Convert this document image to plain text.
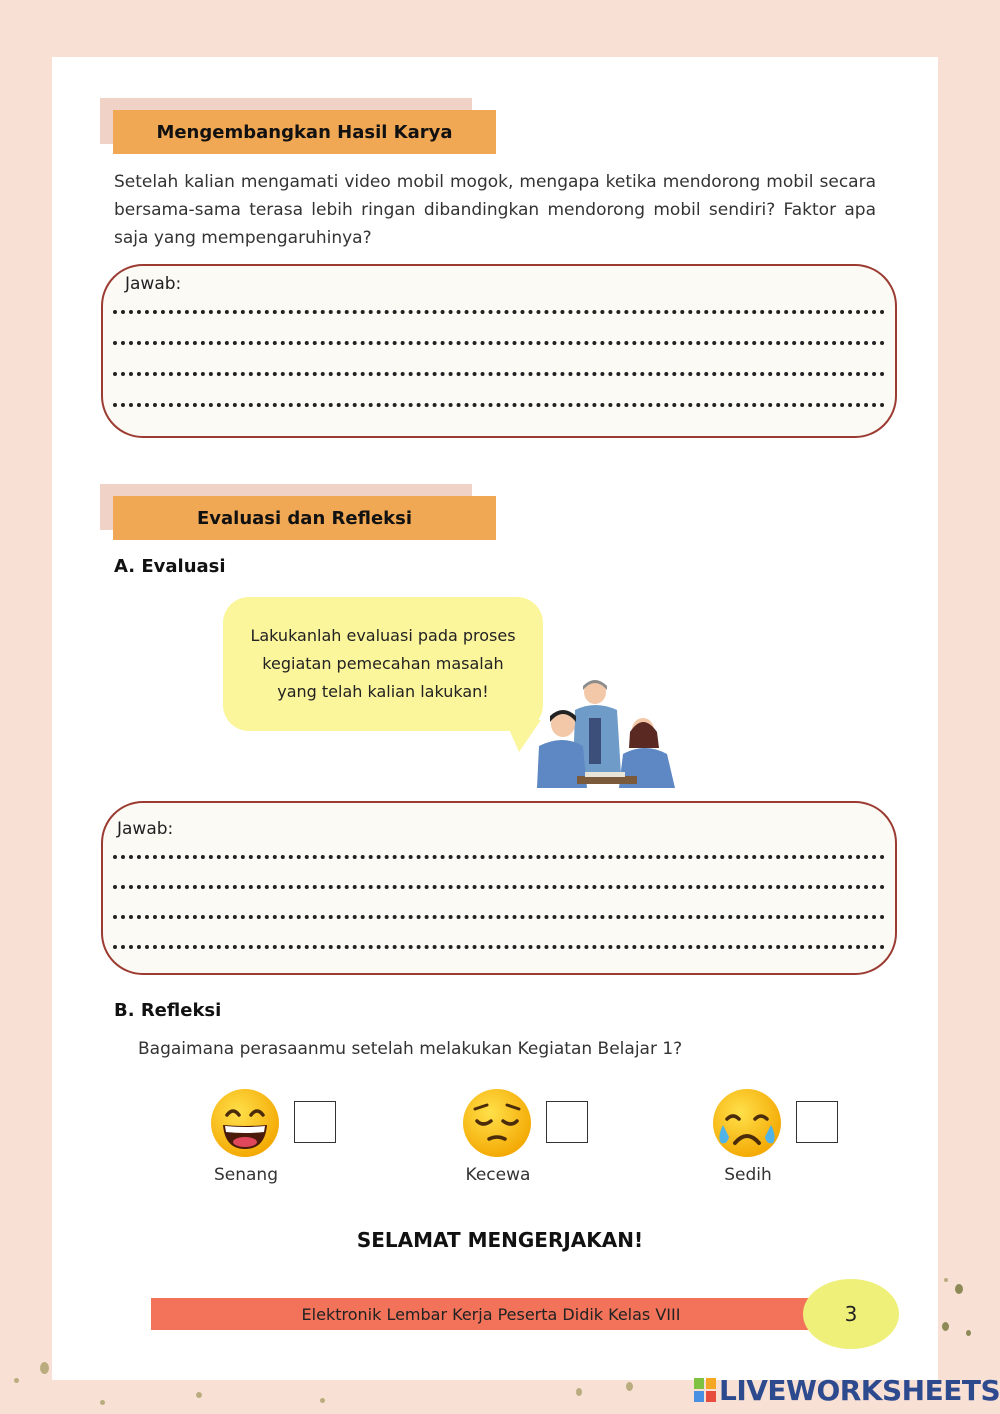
Mengembangkan Hasil Karya
Setelah kalian mengamati video mobil mogok, mengapa ketika mendorong mobil secara bersama-sama terasa lebih ringan dibandingkan mendorong mobil sendiri? Faktor apa saja yang mempengaruhinya?
Jawab:
Evaluasi dan Refleksi
A. Evaluasi
Lakukanlah evaluasi pada proses
kegiatan pemecahan masalah
yang telah kalian lakukan!
Jawab:
B. Refleksi
Bagaimana perasaanmu setelah melakukan Kegiatan Belajar 1?
Senang	Kecewa	Sedih
SELAMAT MENGERJAKAN!
Elektronik Lembar Kerja Peserta Didik Kelas VIII	3
LIVEWORKSHEETS
